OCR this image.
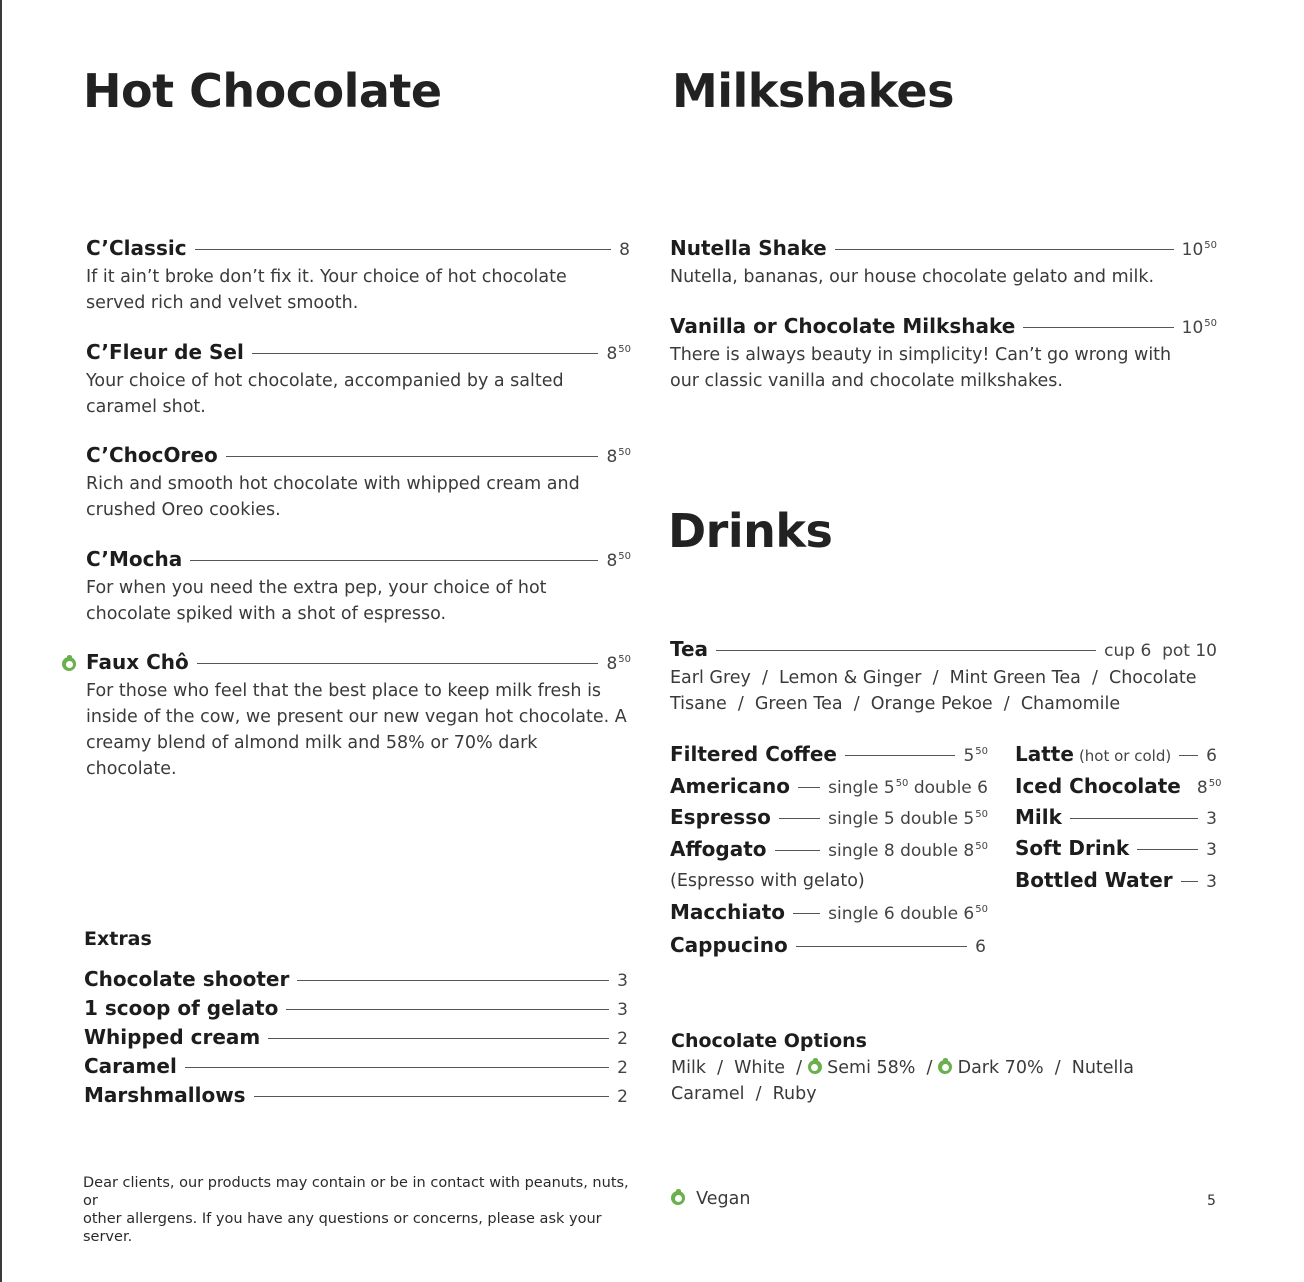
Hot Chocolate
C’Classic	8
If it ain’t broke don’t fix it. Your choice of hot chocolate served rich and velvet smooth.
C’Fleur de Sel	$8^{50}$
Your choice of hot chocolate, accompanied by a salted caramel shot.
C’ChocOreo	$8^{50}$
Rich and smooth hot chocolate with whipped cream and crushed Oreo cookies.
C’Mocha	$8^{50}$
For when you need the extra pep, your choice of hot chocolate spiked with a shot of espresso.
Faux Chô	$8^{50}$
For those who feel that the best place to keep milk fresh is inside of the cow, we present our new vegan hot chocolate. A creamy blend of almond milk and 58% or 70% dark chocolate.
Extras
Chocolate shooter	3
1 scoop of gelato	3
Whipped cream	2
Caramel	2
Marshmallows	2
Dear clients, our products may contain or be in contact with peanuts, nuts, or
other allergens. If you have any questions or concerns, please ask your server.
Milkshakes
Nutella Shake	$10^{50}$
Nutella, bananas, our house chocolate gelato and milk.
Vanilla or Chocolate Milkshake	$10^{50}$
There is always beauty in simplicity! Can’t go wrong with our classic vanilla and chocolate milkshakes.
Drinks
Tea	cup 6  pot 10
Earl Grey  /  Lemon & Ginger  /  Mint Green Tea  /  Chocolate
Tisane  /  Green Tea  /  Orange Pekoe  /  Chamomile
Filtered Coffee	$5^{50}$
Americano single $5^{50}$ double 6
Espresso	single 5 double $5^{50}$
Affogato	single 8 double $8^{50}$
(Espresso with gelato)
Macchiato	single 6 double $6^{50}$
Cappucino	6
Latte (hot or cold) 6
Iced Chocolate $8^{50}$
Milk	3
Soft Drink	3
Bottled Water 3
Chocolate Options
Milk  /  White  / Semi 58%  / Dark 70%  /  Nutella
Caramel  /  Ruby
Vegan	5
